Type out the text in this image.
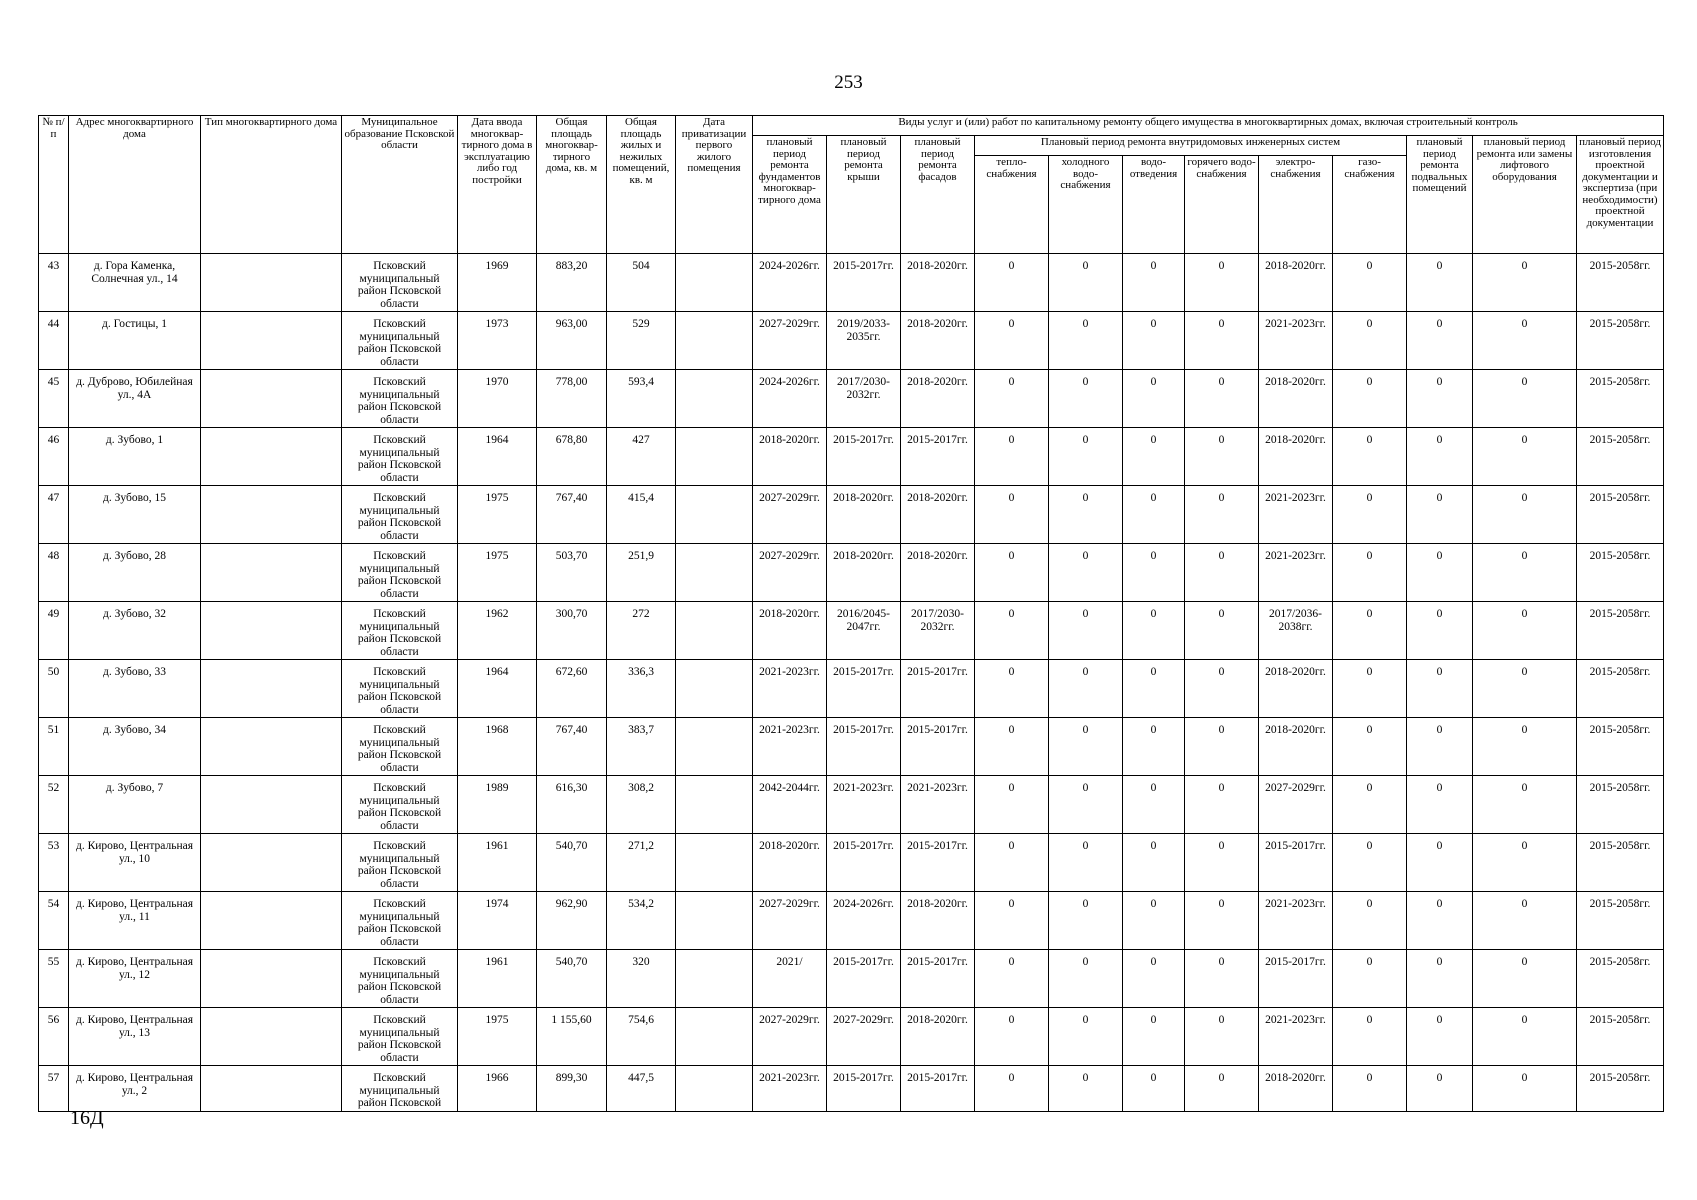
253
№ п/п	Адрес многоквартирного дома	Тип многоквартирного дома	Муниципальное образование Псковской области	Дата ввода многоквар-тирного дома в эксплуатацию либо год постройки	Общая площадь многоквар-тирного дома, кв. м	Общая площадь жилых и нежилых помещений, кв. м	Дата приватизации первого жилого помещения	Виды услуг и (или) работ по капитальному ремонту общего имущества в многоквартирных домах, включая строительный контроль											
								плановый период ремонта фундаментов многоквар-тирного дома	плановый период ремонта крыши	плановый период ремонта фасадов	Плановый период ремонта внутридомовых инженерных систем						плановый период ремонта подвальных помещений	плановый период ремонта или замены лифтового оборудования	плановый период изготовления проектной документации и экспертиза (при необходимости) проектной документации
											тепло-снабжения	холодного водо-снабжения	водо-отведения	горячего водо-снабжения	электро-снабжения	газо-снабжения			
43	д. Гора Каменка, Солнечная ул., 14		Псковский муниципальный район Псковской области	1969	883,20	504		2024-2026гг.	2015-2017гг.	2018-2020гг.	0	0	0	0	2018-2020гг.	0	0	0	2015-2058гг.
44	д. Гостицы, 1		Псковский муниципальный район Псковской области	1973	963,00	529		2027-2029гг.	2019/2033-2035гг.	2018-2020гг.	0	0	0	0	2021-2023гг.	0	0	0	2015-2058гг.
45	д. Дуброво, Юбилейная ул., 4А		Псковский муниципальный район Псковской области	1970	778,00	593,4		2024-2026гг.	2017/2030-2032гг.	2018-2020гг.	0	0	0	0	2018-2020гг.	0	0	0	2015-2058гг.
46	д. Зубово, 1		Псковский муниципальный район Псковской области	1964	678,80	427		2018-2020гг.	2015-2017гг.	2015-2017гг.	0	0	0	0	2018-2020гг.	0	0	0	2015-2058гг.
47	д. Зубово, 15		Псковский муниципальный район Псковской области	1975	767,40	415,4		2027-2029гг.	2018-2020гг.	2018-2020гг.	0	0	0	0	2021-2023гг.	0	0	0	2015-2058гг.
48	д. Зубово, 28		Псковский муниципальный район Псковской области	1975	503,70	251,9		2027-2029гг.	2018-2020гг.	2018-2020гг.	0	0	0	0	2021-2023гг.	0	0	0	2015-2058гг.
49	д. Зубово, 32		Псковский муниципальный район Псковской области	1962	300,70	272		2018-2020гг.	2016/2045-2047гг.	2017/2030-2032гг.	0	0	0	0	2017/2036-2038гг.	0	0	0	2015-2058гг.
50	д. Зубово, 33		Псковский муниципальный район Псковской области	1964	672,60	336,3		2021-2023гг.	2015-2017гг.	2015-2017гг.	0	0	0	0	2018-2020гг.	0	0	0	2015-2058гг.
51	д. Зубово, 34		Псковский муниципальный район Псковской области	1968	767,40	383,7		2021-2023гг.	2015-2017гг.	2015-2017гг.	0	0	0	0	2018-2020гг.	0	0	0	2015-2058гг.
52	д. Зубово, 7		Псковский муниципальный район Псковской области	1989	616,30	308,2		2042-2044гг.	2021-2023гг.	2021-2023гг.	0	0	0	0	2027-2029гг.	0	0	0	2015-2058гг.
53	д. Кирово, Центральная ул., 10		Псковский муниципальный район Псковской области	1961	540,70	271,2		2018-2020гг.	2015-2017гг.	2015-2017гг.	0	0	0	0	2015-2017гг.	0	0	0	2015-2058гг.
54	д. Кирово, Центральная ул., 11		Псковский муниципальный район Псковской области	1974	962,90	534,2		2027-2029гг.	2024-2026гг.	2018-2020гг.	0	0	0	0	2021-2023гг.	0	0	0	2015-2058гг.
55	д. Кирово, Центральная ул., 12		Псковский муниципальный район Псковской области	1961	540,70	320		2021/	2015-2017гг.	2015-2017гг.	0	0	0	0	2015-2017гг.	0	0	0	2015-2058гг.
56	д. Кирово, Центральная ул., 13		Псковский муниципальный район Псковской области	1975	1 155,60	754,6		2027-2029гг.	2027-2029гг.	2018-2020гг.	0	0	0	0	2021-2023гг.	0	0	0	2015-2058гг.
57	д. Кирово, Центральная ул., 2		Псковский муниципальный район Псковской	1966	899,30	447,5		2021-2023гг.	2015-2017гг.	2015-2017гг.	0	0	0	0	2018-2020гг.	0	0	0	2015-2058гг.
16Д
